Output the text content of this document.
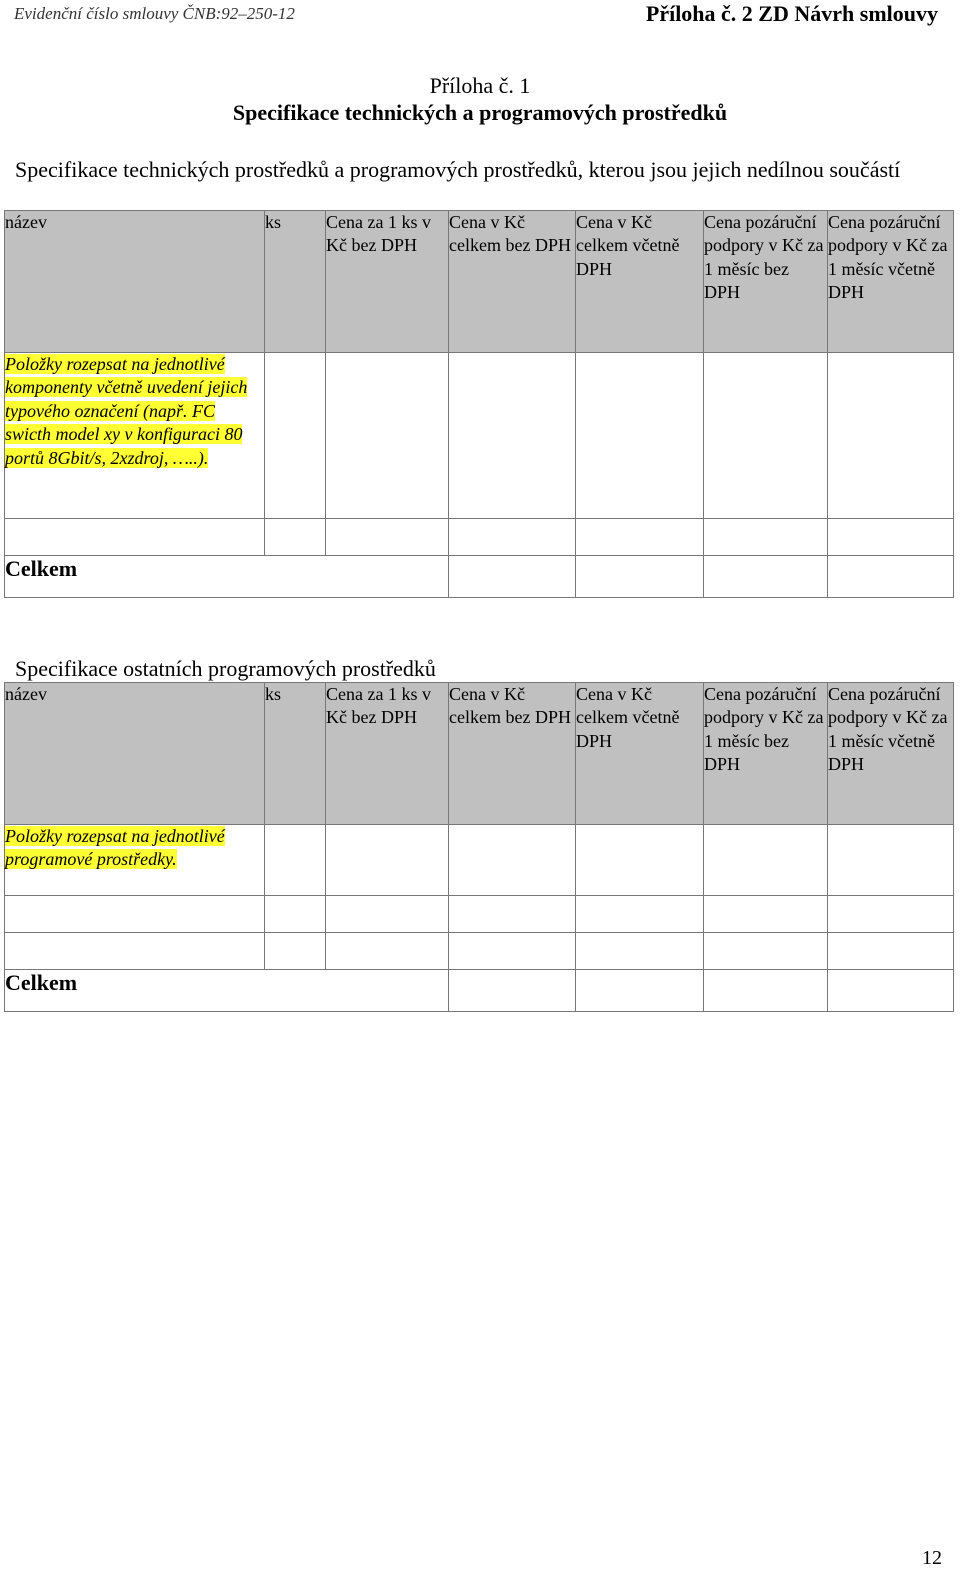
Evidenční číslo smlouvy ČNB:92–250-12	Příloha č. 2 ZD Návrh smlouvy
Příloha č. 1
Specifikace technických a programových prostředků
Specifikace technických prostředků a programových prostředků, kterou jsou jejich nedílnou součástí
název	ks	Cena za 1 ks v Kč bez DPH	Cena v Kč celkem bez DPH	Cena v Kč celkem včetně DPH	Cena pozáruční podpory v Kč za 1 měsíc bez DPH	Cena pozáruční podpory v Kč za 1 měsíc včetně DPH
Položky rozepsat na jednotlivé komponenty včetně uvedení jejich typového označení (např. FC swicth model xy v konfiguraci 80 portů 8Gbit/s, 2xzdroj, …..).						

Celkem						
Specifikace ostatních programových prostředků
název	ks	Cena za 1 ks v Kč bez DPH	Cena v Kč celkem bez DPH	Cena v Kč celkem včetně DPH	Cena pozáruční podpory v Kč za 1 měsíc bez DPH	Cena pozáruční podpory v Kč za 1 měsíc včetně DPH
Položky rozepsat na jednotlivé programové prostředky.						

Celkem						
12
